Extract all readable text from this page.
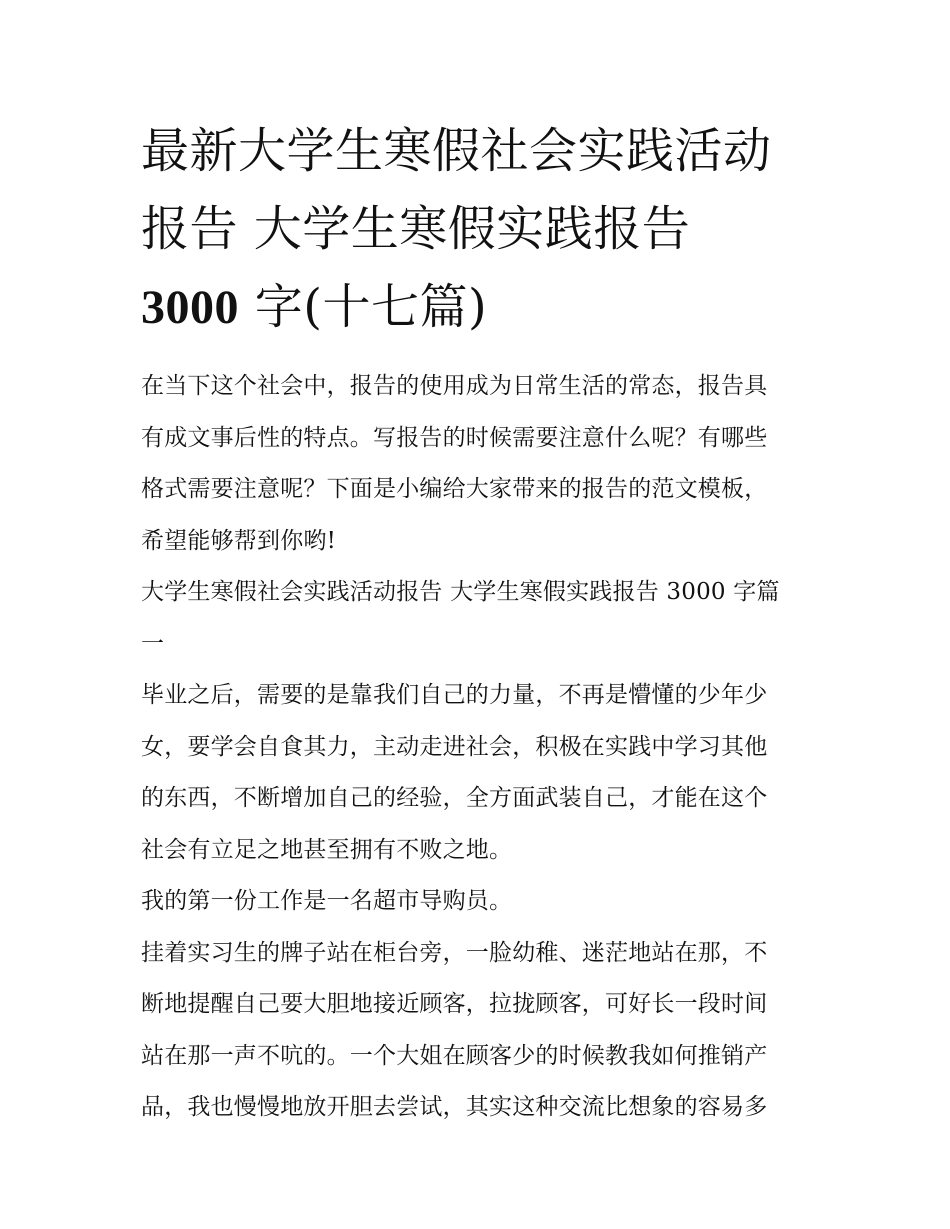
最新大学生寒假社会实践活动
报告 大学生寒假实践报告
3000 字(十七篇)

在当下这个社会中，报告的使用成为日常生活的常态，报告具
有成文事后性的特点。写报告的时候需要注意什么呢？有哪些
格式需要注意呢？下面是小编给大家带来的报告的范文模板，
希望能够帮到你哟!

大学生寒假社会实践活动报告 大学生寒假实践报告 3000 字篇
一

毕业之后，需要的是靠我们自己的力量，不再是懵懂的少年少
女，要学会自食其力，主动走进社会，积极在实践中学习其他
的东西，不断增加自己的经验，全方面武装自己，才能在这个
社会有立足之地甚至拥有不败之地。

我的第一份工作是一名超市导购员。

挂着实习生的牌子站在柜台旁，一脸幼稚、迷茫地站在那，不
断地提醒自己要大胆地接近顾客，拉拢顾客，可好长一段时间
站在那一声不吭的。一个大姐在顾客少的时候教我如何推销产
品，我也慢慢地放开胆去尝试，其实这种交流比想象的容易多
